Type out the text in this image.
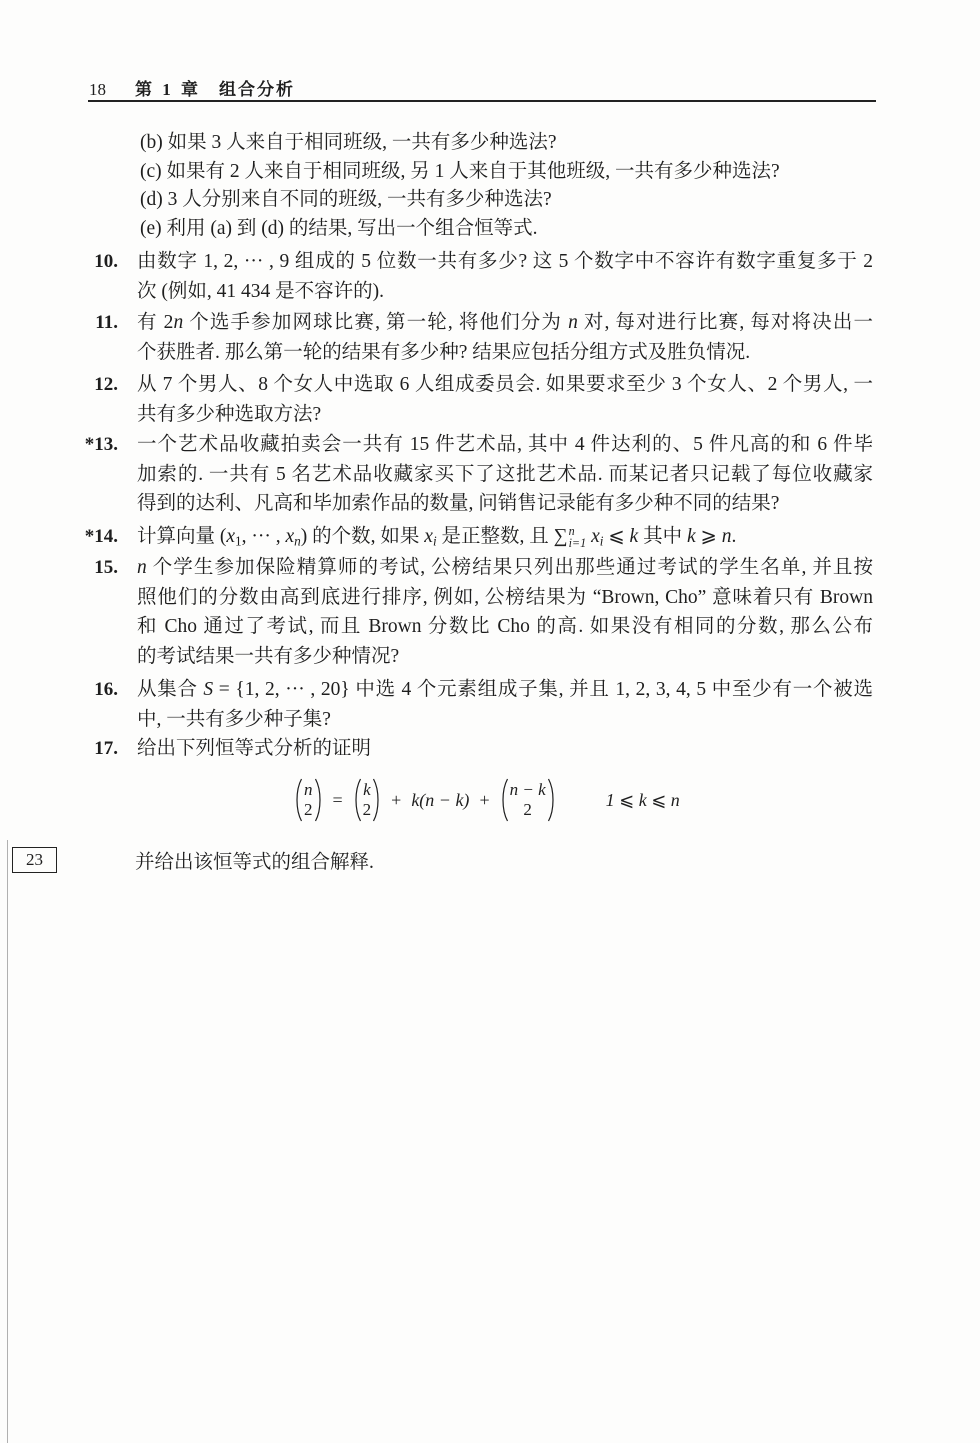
18 第 1 章 组合分析
(b) 如果 3 人来自于相同班级, 一共有多少种选法?
(c) 如果有 2 人来自于相同班级, 另 1 人来自于其他班级, 一共有多少种选法?
(d) 3 人分别来自不同的班级, 一共有多少种选法?
(e) 利用 (a) 到 (d) 的结果, 写出一个组合恒等式.
10. 由数字 1, 2, ··· , 9 组成的 5 位数一共有多少? 这 5 个数字中不容许有数字重复多于 2
次 (例如, 41 434 是不容许的).
11. 有 2n 个选手参加网球比赛, 第一轮, 将他们分为 n 对, 每对进行比赛, 每对将决出一
个获胜者. 那么第一轮的结果有多少种? 结果应包括分组方式及胜负情况.
12. 从 7 个男人、8 个女人中选取 6 人组成委员会. 如果要求至少 3 个女人、2 个男人, 一
共有多少种选取方法?
*13. 一个艺术品收藏拍卖会一共有 15 件艺术品, 其中 4 件达利的、5 件凡高的和 6 件毕
加索的. 一共有 5 名艺术品收藏家买下了这批艺术品. 而某记者只记载了每位收藏家
得到的达利、凡高和毕加索作品的数量, 问销售记录能有多少种不同的结果?
*14. 计算向量 (x1, ··· , xn) 的个数, 如果 xi 是正整数, 且 ∑ n
i=1 xi ⩽ k 其中 k ⩾ n.
15. n 个学生参加保险精算师的考试, 公榜结果只列出那些通过考试的学生名单, 并且按
照他们的分数由高到底进行排序, 例如, 公榜结果为 “Brown, Cho” 意味着只有 Brown
和 Cho 通过了考试, 而且 Brown 分数比 Cho 的高. 如果没有相同的分数, 那么公布
的考试结果一共有多少种情况?
16. 从集合 S = {1, 2, ··· , 20} 中选 4 个元素组成子集, 并且 1, 2, 3, 4, 5 中至少有一个被选
中, 一共有多少种子集?
17. 给出下列恒等式分析的证明
n
2 = k
2 + k(n − k) + n − k
2	1 ⩽ k ⩽ n
23	并给出该恒等式的组合解释.
